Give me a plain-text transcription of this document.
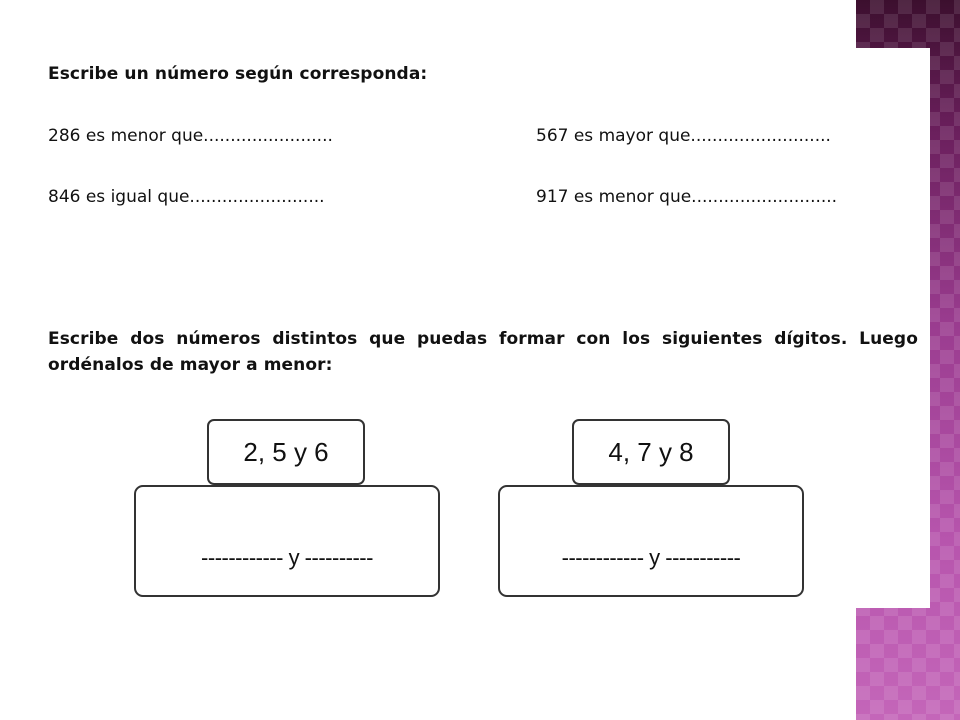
Escribe un número según corresponda:
286 es menor que........................	567 es mayor que..........................
846 es igual que.........................	917 es menor que...........................
Escribe dos números distintos que puedas formar con los siguientes dígitos. Luego ordénalos de mayor a menor:
2, 5 y 6
------------ y ----------
4, 7 y 8
------------ y -----------
